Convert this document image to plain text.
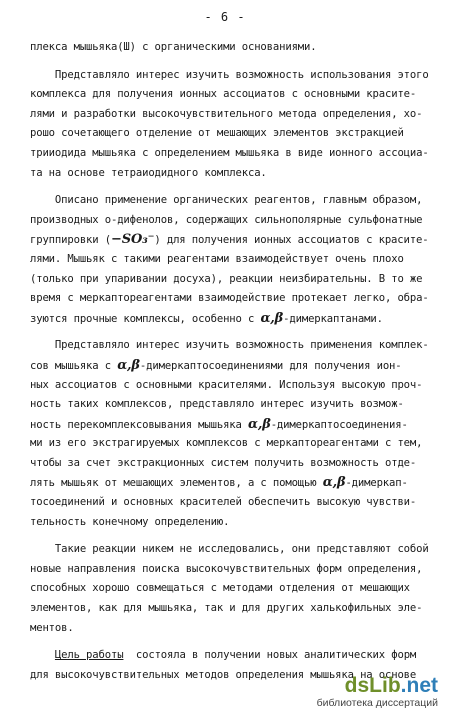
- 6 -
плекса мышьяка(Ш) с органическими основаниями.
Представляло интерес изучить возможность использования этого
комплекса для получения ионных ассоциатов с основными красите-
лями и разработки высокочувствительного метода определения, хо-
рошо сочетающего отделение от мешающих элементов экстракцией
трииодида мышьяка с определением мышьяка в виде ионного ассоциа-
та на основе тетраиодидного комплекса.
Описано применение органических реагентов, главным образом,
производных о-дифенолов, содержащих сильнополярные сульфонатные
группировки (−SO₃⁻) для получения ионных ассоциатов с красите-
лями. Мышьяк с такими реагентами взаимодействует очень плохо
(только при упаривании досуха), реакции неизбирательны. В то же
время с меркаптореагентами взаимодействие протекает легко, обра-
зуются прочные комплексы, особенно с α,β-димеркаптанами.
Представляло интерес изучить возможность применения комплек-
сов мышьяка с α,β-димеркаптосоединениями для получения ион-
ных ассоциатов с основными красителями. Используя высокую проч-
ность таких комплексов, представляло интерес изучить возмож-
ность перекомплексовывания мышьяка α,β-димеркаптосоединения-
ми из его экстрагируемых комплексов с меркаптореагентами с тем,
чтобы за счет экстракционных систем получить возможность отде-
лять мышьяк от мешающих элементов, а с помощью α,β-димеркап-
тосоединений и основных красителей обеспечить высокую чувстви-
тельность конечному определению.
Такие реакции никем не исследовались, они представляют собой
новые направления поиска высокочувствительных форм определения,
способных хорошо совмещаться с методами отделения от мешающих
элементов, как для мышьяка, так и для других халькофильных эле-
ментов.
Цель работы  состояла в получении новых аналитических форм
для высокочувствительных методов определения мышьяка на основе
dsLib.net
библиотека диссертаций
